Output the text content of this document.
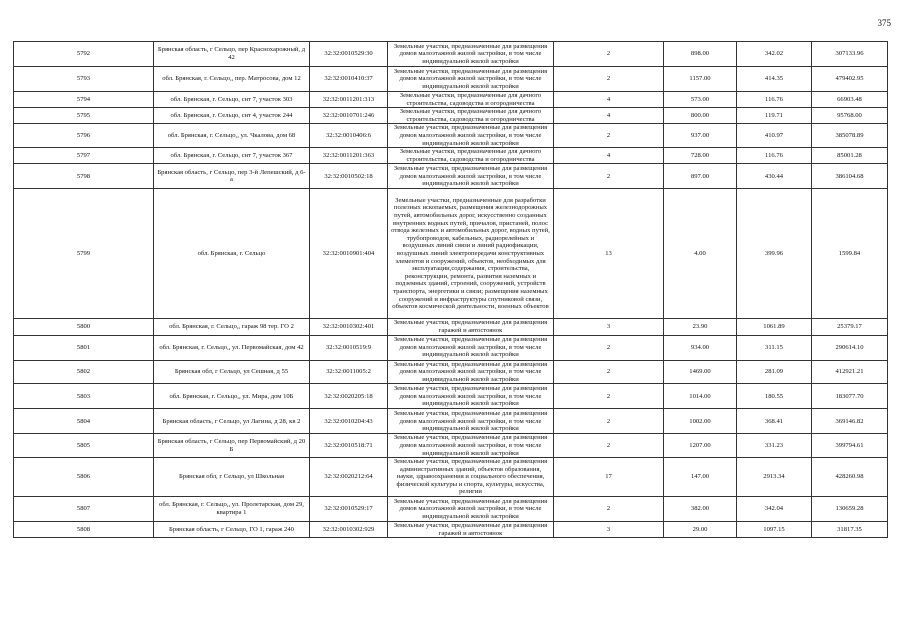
375
5792	Брянская область, г Сельцо, пер Краснохарожный, д 42	32:32:0010529:30	Земельные участки, предназначенные для размещения домов малоэтажной жилой застройки, в том числе индивидуальной жилой застройки	2	898.00	342.02	307133.96
5793	обл. Брянская, г. Сельцо,, пер. Матросова, дом 12	32:32:0010410:37	Земельные участки, предназначенные для размещения домов малоэтажной жилой застройки, в том числе индивидуальной жилой застройки	2	1157.00	414.35	479402.95
5794	обл. Брянская, г. Сельцо, снт 7, участок 303	32:32:0011201:313	Земельные участки, предназначенные для дачного строительства, садоводства и огородничества	4	573.00	116.76	66903.48
5795	обл. Брянская, г. Сельцо, снт 4, участок 244	32:32:0010701:246	Земельные участки, предназначенные для дачного строительства, садоводства и огородничества	4	800.00	119.71	95768.00
5796	обл. Брянская, г. Сельцо,, ул. Чкалова, дом 68	32:32:0010406:6	Земельные участки, предназначенные для размещения домов малоэтажной жилой застройки, в том числе индивидуальной жилой застройки	2	937.00	410.97	385078.89
5797	обл. Брянская, г. Сельцо, снт 7, участок 367	32:32:0011201:363	Земельные участки, предназначенные для дачного строительства, садоводства и огородничества	4	728.00	116.76	85001.28
5798	Брянская область, г Сельцо, пер 3-й Лепешский, д 6-а	32:32:0010502:18	Земельные участки, предназначенные для размещения домов малоэтажной жилой застройки, в том числе индивидуальной жилой застройки	2	897.00	430.44	386104.68
5799	обл. Брянская, г. Сельцо	32:32:0010901:404	Земельные участки, предназначенные для разработки полезных ископаемых, размещения железнодорожных путей, автомобильных дорог, искусственно созданных внутренних водных путей, причалов, пристаней, полос отвода железных и автомобильных дорог, водных путей, трубопроводов, кабельных, радиорелейных и воздушных линий связи и линий радиофикации, воздушных линий электропередачи конструктивных элементов и сооружений, объектов, необходимых для эксплуатации,содержания, строительства, реконструкции, ремонта, развития наземных и подземных зданий, строений, сооружений, устройств транспорта, энергетики и связи; размещения наземных сооружений и инфраструктуры спутниковой связи, объектов космической деятельности, военных объектов	13	4.00	399.96	1599.84
5800	обл. Брянская, г. Сельцо,, гараж 98 тер. ГО 2	32:32:0010302:401	Земельные участки, предназначенные для размещения гаражей и автостоянок	3	23.90	1061.89	25379.17
5801	обл. Брянская, г. Сельцо,, ул. Первомайская, дом 42	32:32:0010519:9	Земельные участки, предназначенные для размещения домов малоэтажной жилой застройки, в том числе индивидуальной жилой застройки	2	934.00	311.15	290614.10
5802	Брянская обл, г Сельцо, ул Сешная, д 55	32:32:0011005:2	Земельные участки, предназначенные для размещения домов малоэтажной жилой застройки, в том числе индивидуальной жилой застройки	2	1469.00	281.09	412921.21
5803	обл. Брянская, г. Сельцо,, ул. Мира, дом 10Б	32:32:0020205:18	Земельные участки, предназначенные для размещения домов малоэтажной жилой застройки, в том числе индивидуальной жилой застройки	2	1014.00	180.55	183077.70
5804	Брянская область, г Сельцо, ул Лагина, д 28, кв 2	32:32:0010204:43	Земельные участки, предназначенные для размещения домов малоэтажной жилой застройки, в том числе индивидуальной жилой застройки	2	1002.00	368.41	369146.82
5805	Брянская область, г Сельцо, пер Первомайский, д 20 Б	32:32:0010518:71	Земельные участки, предназначенные для размещения домов малоэтажной жилой застройки, в том числе индивидуальной жилой застройки	2	1207.00	331.23	399794.61
5806	Брянская обл, г Сельцо, ул Школьная	32:32:0020212:64	Земельные участки, предназначенные для размещения административных зданий, объектов образования, науки, здравоохранения и социального обеспечения, физической культуры и спорта, культуры, искусства, религии	17	147.00	2913.34	428260.98
5807	обл. Брянская, г. Сельцо,, ул. Пролетарская, дом 29, квартира 1	32:32:0010529:17	Земельные участки, предназначенные для размещения домов малоэтажной жилой застройки, в том числе индивидуальной жилой застройки	2	382.00	342.04	130659.28
5808	Брянская область, г Сельцо, ГО 1, гараж 240	32:32:0010302:929	Земельные участки, предназначенные для размещения гаражей и автостоянок	3	29.00	1097.15	31817.35
